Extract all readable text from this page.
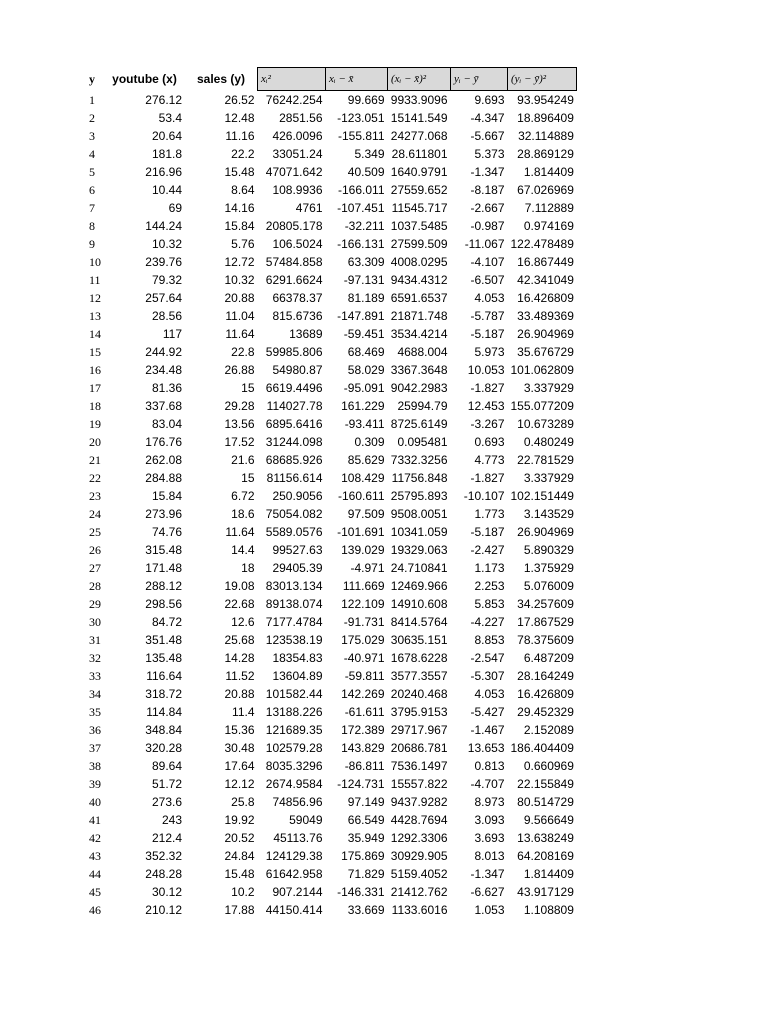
y	youtube (x)	sales (y)	xᵢ²	xᵢ − x̄	(xᵢ − x̄)²	yᵢ − ȳ	(yᵢ − ȳ)²
1	276.12	26.52	76242.254	99.669	9933.9096	9.693	93.954249
2	53.4	12.48	2851.56	-123.051	15141.549	-4.347	18.896409
3	20.64	11.16	426.0096	-155.811	24277.068	-5.667	32.114889
4	181.8	22.2	33051.24	5.349	28.611801	5.373	28.869129
5	216.96	15.48	47071.642	40.509	1640.9791	-1.347	1.814409
6	10.44	8.64	108.9936	-166.011	27559.652	-8.187	67.026969
7	69	14.16	4761	-107.451	11545.717	-2.667	7.112889
8	144.24	15.84	20805.178	-32.211	1037.5485	-0.987	0.974169
9	10.32	5.76	106.5024	-166.131	27599.509	-11.067	122.478489
10	239.76	12.72	57484.858	63.309	4008.0295	-4.107	16.867449
11	79.32	10.32	6291.6624	-97.131	9434.4312	-6.507	42.341049
12	257.64	20.88	66378.37	81.189	6591.6537	4.053	16.426809
13	28.56	11.04	815.6736	-147.891	21871.748	-5.787	33.489369
14	117	11.64	13689	-59.451	3534.4214	-5.187	26.904969
15	244.92	22.8	59985.806	68.469	4688.004	5.973	35.676729
16	234.48	26.88	54980.87	58.029	3367.3648	10.053	101.062809
17	81.36	15	6619.4496	-95.091	9042.2983	-1.827	3.337929
18	337.68	29.28	114027.78	161.229	25994.79	12.453	155.077209
19	83.04	13.56	6895.6416	-93.411	8725.6149	-3.267	10.673289
20	176.76	17.52	31244.098	0.309	0.095481	0.693	0.480249
21	262.08	21.6	68685.926	85.629	7332.3256	4.773	22.781529
22	284.88	15	81156.614	108.429	11756.848	-1.827	3.337929
23	15.84	6.72	250.9056	-160.611	25795.893	-10.107	102.151449
24	273.96	18.6	75054.082	97.509	9508.0051	1.773	3.143529
25	74.76	11.64	5589.0576	-101.691	10341.059	-5.187	26.904969
26	315.48	14.4	99527.63	139.029	19329.063	-2.427	5.890329
27	171.48	18	29405.39	-4.971	24.710841	1.173	1.375929
28	288.12	19.08	83013.134	111.669	12469.966	2.253	5.076009
29	298.56	22.68	89138.074	122.109	14910.608	5.853	34.257609
30	84.72	12.6	7177.4784	-91.731	8414.5764	-4.227	17.867529
31	351.48	25.68	123538.19	175.029	30635.151	8.853	78.375609
32	135.48	14.28	18354.83	-40.971	1678.6228	-2.547	6.487209
33	116.64	11.52	13604.89	-59.811	3577.3557	-5.307	28.164249
34	318.72	20.88	101582.44	142.269	20240.468	4.053	16.426809
35	114.84	11.4	13188.226	-61.611	3795.9153	-5.427	29.452329
36	348.84	15.36	121689.35	172.389	29717.967	-1.467	2.152089
37	320.28	30.48	102579.28	143.829	20686.781	13.653	186.404409
38	89.64	17.64	8035.3296	-86.811	7536.1497	0.813	0.660969
39	51.72	12.12	2674.9584	-124.731	15557.822	-4.707	22.155849
40	273.6	25.8	74856.96	97.149	9437.9282	8.973	80.514729
41	243	19.92	59049	66.549	4428.7694	3.093	9.566649
42	212.4	20.52	45113.76	35.949	1292.3306	3.693	13.638249
43	352.32	24.84	124129.38	175.869	30929.905	8.013	64.208169
44	248.28	15.48	61642.958	71.829	5159.4052	-1.347	1.814409
45	30.12	10.2	907.2144	-146.331	21412.762	-6.627	43.917129
46	210.12	17.88	44150.414	33.669	1133.6016	1.053	1.108809
